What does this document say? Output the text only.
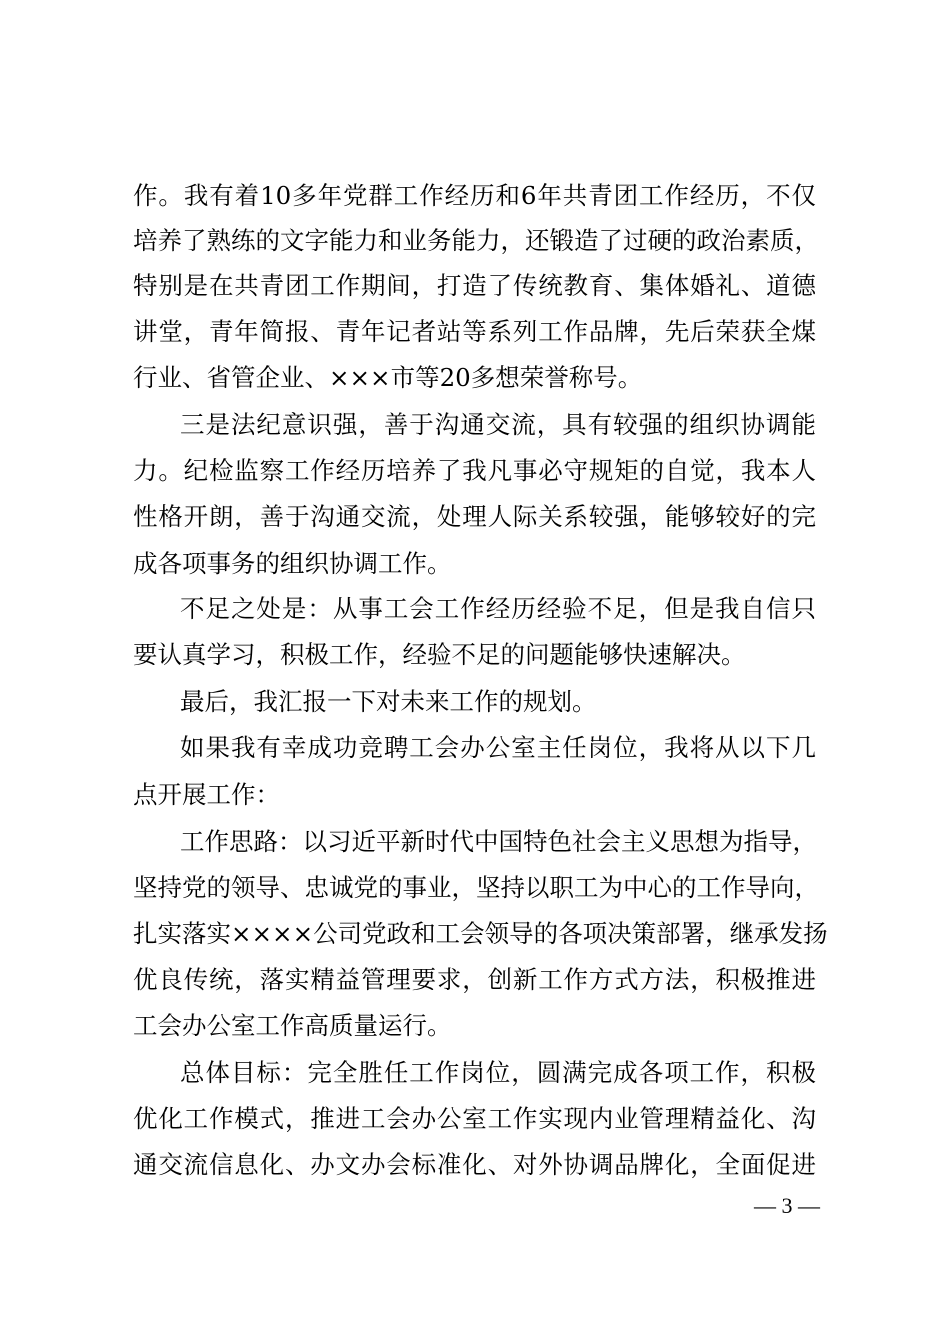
作。我有着10多年党群工作经历和6年共青团工作经历，不仅
培养了熟练的文字能力和业务能力，还锻造了过硬的政治素质，
特别是在共青团工作期间，打造了传统教育、集体婚礼、道德
讲堂，青年简报、青年记者站等系列工作品牌，先后荣获全煤
行业、省管企业、×××市等20多想荣誉称号。
三是法纪意识强，善于沟通交流，具有较强的组织协调能
力。纪检监察工作经历培养了我凡事必守规矩的自觉，我本人
性格开朗，善于沟通交流，处理人际关系较强，能够较好的完
成各项事务的组织协调工作。
不足之处是：从事工会工作经历经验不足，但是我自信只
要认真学习，积极工作，经验不足的问题能够快速解决。
最后，我汇报一下对未来工作的规划。
如果我有幸成功竞聘工会办公室主任岗位，我将从以下几
点开展工作：
工作思路：以习近平新时代中国特色社会主义思想为指导，
坚持党的领导、忠诚党的事业，坚持以职工为中心的工作导向，
扎实落实××××公司党政和工会领导的各项决策部署，继承发扬
优良传统，落实精益管理要求，创新工作方式方法，积极推进
工会办公室工作高质量运行。
总体目标：完全胜任工作岗位，圆满完成各项工作，积极
优化工作模式，推进工会办公室工作实现内业管理精益化、沟
通交流信息化、办文办会标准化、对外协调品牌化，全面促进
— 3 —
